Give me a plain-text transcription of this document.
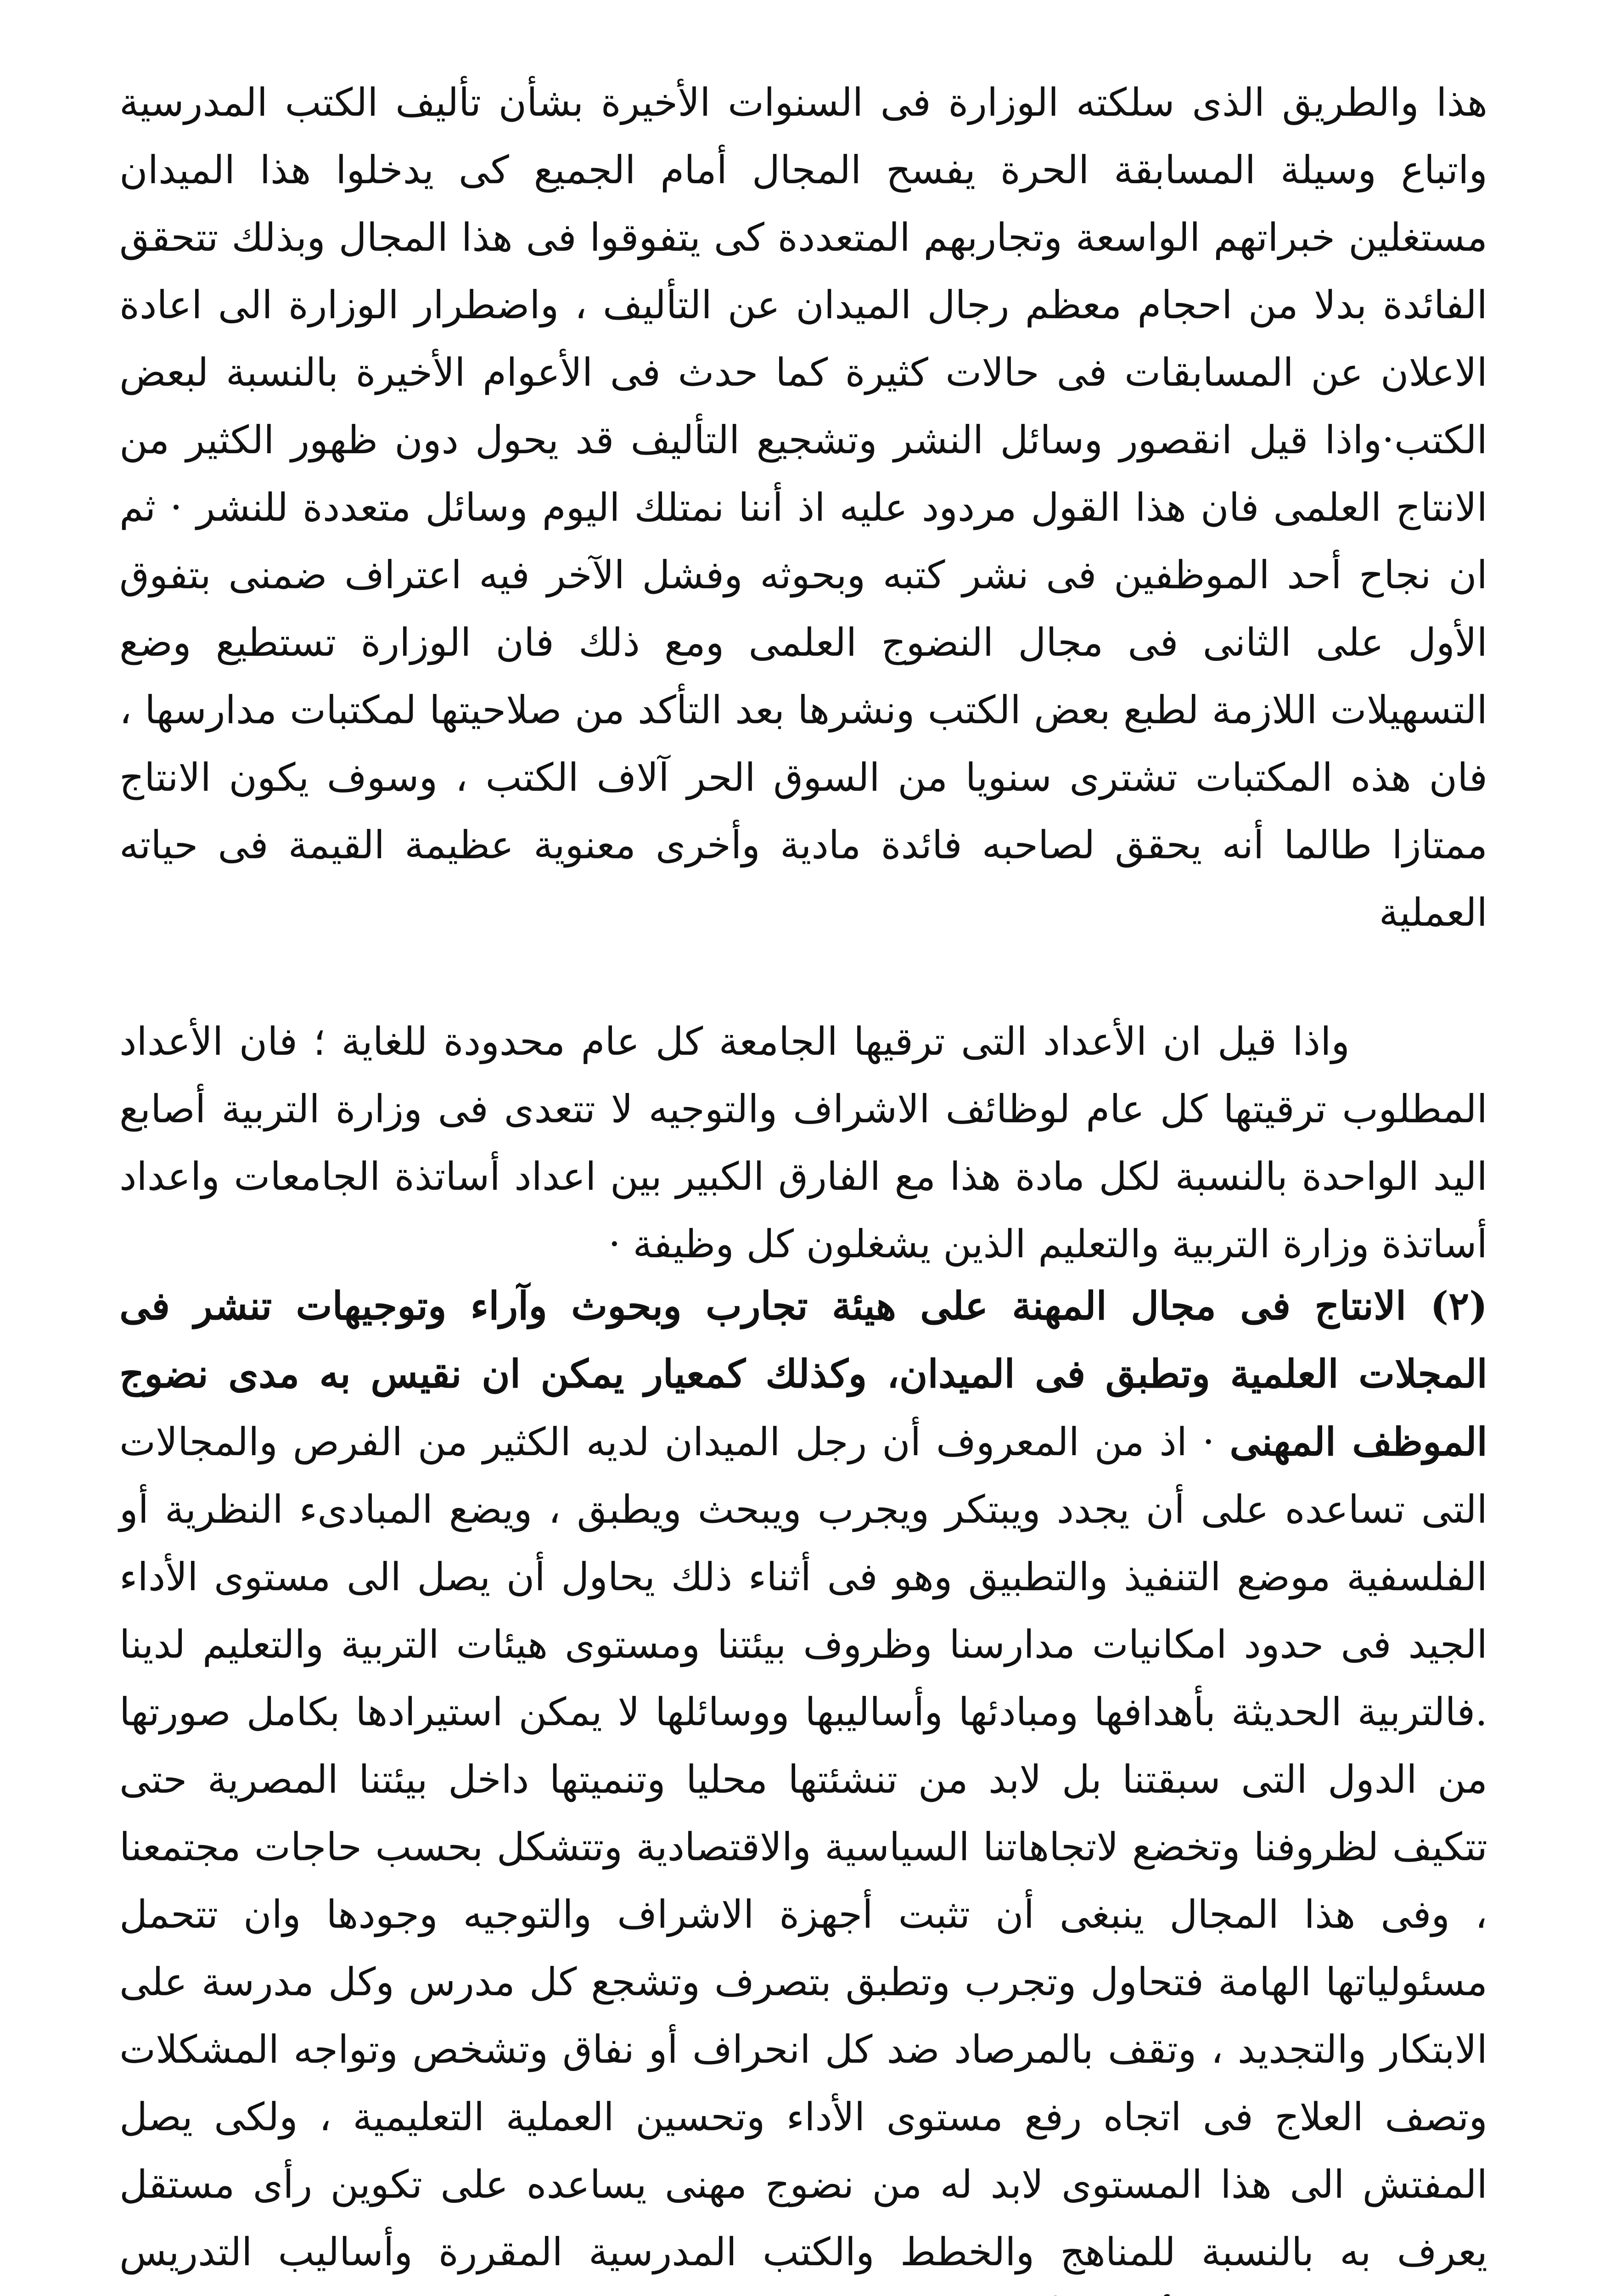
هذا والطريق الذى سلكته الوزارة فى السنوات الأخيرة بشأن تأليف الكتب المدرسية واتباع وسيلة المسابقة الحرة يفسح المجال أمام الجميع كى يدخلوا هذا الميدان مستغلين خبراتهم الواسعة وتجاربهم المتعددة كى يتفوقوا فى هذا المجال وبذلك تتحقق الفائدة بدلا من احجام معظم رجال الميدان عن التأليف ، واضطرار الوزارة الى اعادة الاعلان عن المسابقات فى حالات كثيرة كما حدث فى الأعوام الأخيرة بالنسبة لبعض الكتب·واذا قيل انقصور وسائل النشر وتشجيع التأليف قد يحول دون ظهور الكثير من الانتاج العلمى فان هذا القول مردود عليه اذ أننا نمتلك اليوم وسائل متعددة للنشر · ثم ان نجاح أحد الموظفين فى نشر كتبه وبحوثه وفشل الآخر فيه اعتراف ضمنى بتفوق الأول على الثانى فى مجال النضوج العلمى ومع ذلك فان الوزارة تستطيع وضع التسهيلات اللازمة لطبع بعض الكتب ونشرها بعد التأكد من صلاحيتها لمكتبات مدارسها ، فان هذه المكتبات تشترى سنويا من السوق الحر آلاف الكتب ، وسوف يكون الانتاج ممتازا طالما أنه يحقق لصاحبه فائدة مادية وأخرى معنوية عظيمة القيمة فى حياته العملية

واذا قيل ان الأعداد التى ترقيها الجامعة كل عام محدودة للغاية ؛ فان الأعداد المطلوب ترقيتها كل عام لوظائف الاشراف والتوجيه لا تتعدى فى وزارة التربية أصابع اليد الواحدة بالنسبة لكل مادة هذا مع الفارق الكبير بين اعداد أساتذة الجامعات واعداد أساتذة وزارة التربية والتعليم الذين يشغلون كل وظيفة ·

(٢) الانتاج فى مجال المهنة على هيئة تجارب وبحوث وآراء وتوجيهات تنشر فى المجلات العلمية وتطبق فى الميدان، وكذلك كمعيار يمكن ان نقيس به مدى نضوج الموظف المهنى · اذ من المعروف أن رجل الميدان لديه الكثير من الفرص والمجالات التى تساعده على أن يجدد ويبتكر ويجرب ويبحث ويطبق ، ويضع المبادىء النظرية أو الفلسفية موضع التنفيذ والتطبيق وهو فى أثناء ذلك يحاول أن يصل الى مستوى الأداء الجيد فى حدود امكانيات مدارسنا وظروف بيئتنا ومستوى هيئات التربية والتعليم لدينا .فالتربية الحديثة بأهدافها ومبادئها وأساليبها ووسائلها لا يمكن استيرادها بكامل صورتها من الدول التى سبقتنا بل لابد من تنشئتها محليا وتنميتها داخل بيئتنا المصرية حتى تتكيف لظروفنا وتخضع لاتجاهاتنا السياسية والاقتصادية وتتشكل بحسب حاجات مجتمعنا ، وفى هذا المجال ينبغى أن تثبت أجهزة الاشراف والتوجيه وجودها وان تتحمل مسئولياتها الهامة فتحاول وتجرب وتطبق بتصرف وتشجع كل مدرس وكل مدرسة على الابتكار والتجديد ، وتقف بالمرصاد ضد كل انحراف أو نفاق وتشخص وتواجه المشكلات وتصف العلاج فى اتجاه رفع مستوى الأداء وتحسين العملية التعليمية ، ولكى يصل المفتش الى هذا المستوى لابد له من نضوج مهنى يساعده على تكوين رأى مستقل يعرف به بالنسبة للمناهج والخطط والكتب المدرسية المقررة وأساليب التدريس
